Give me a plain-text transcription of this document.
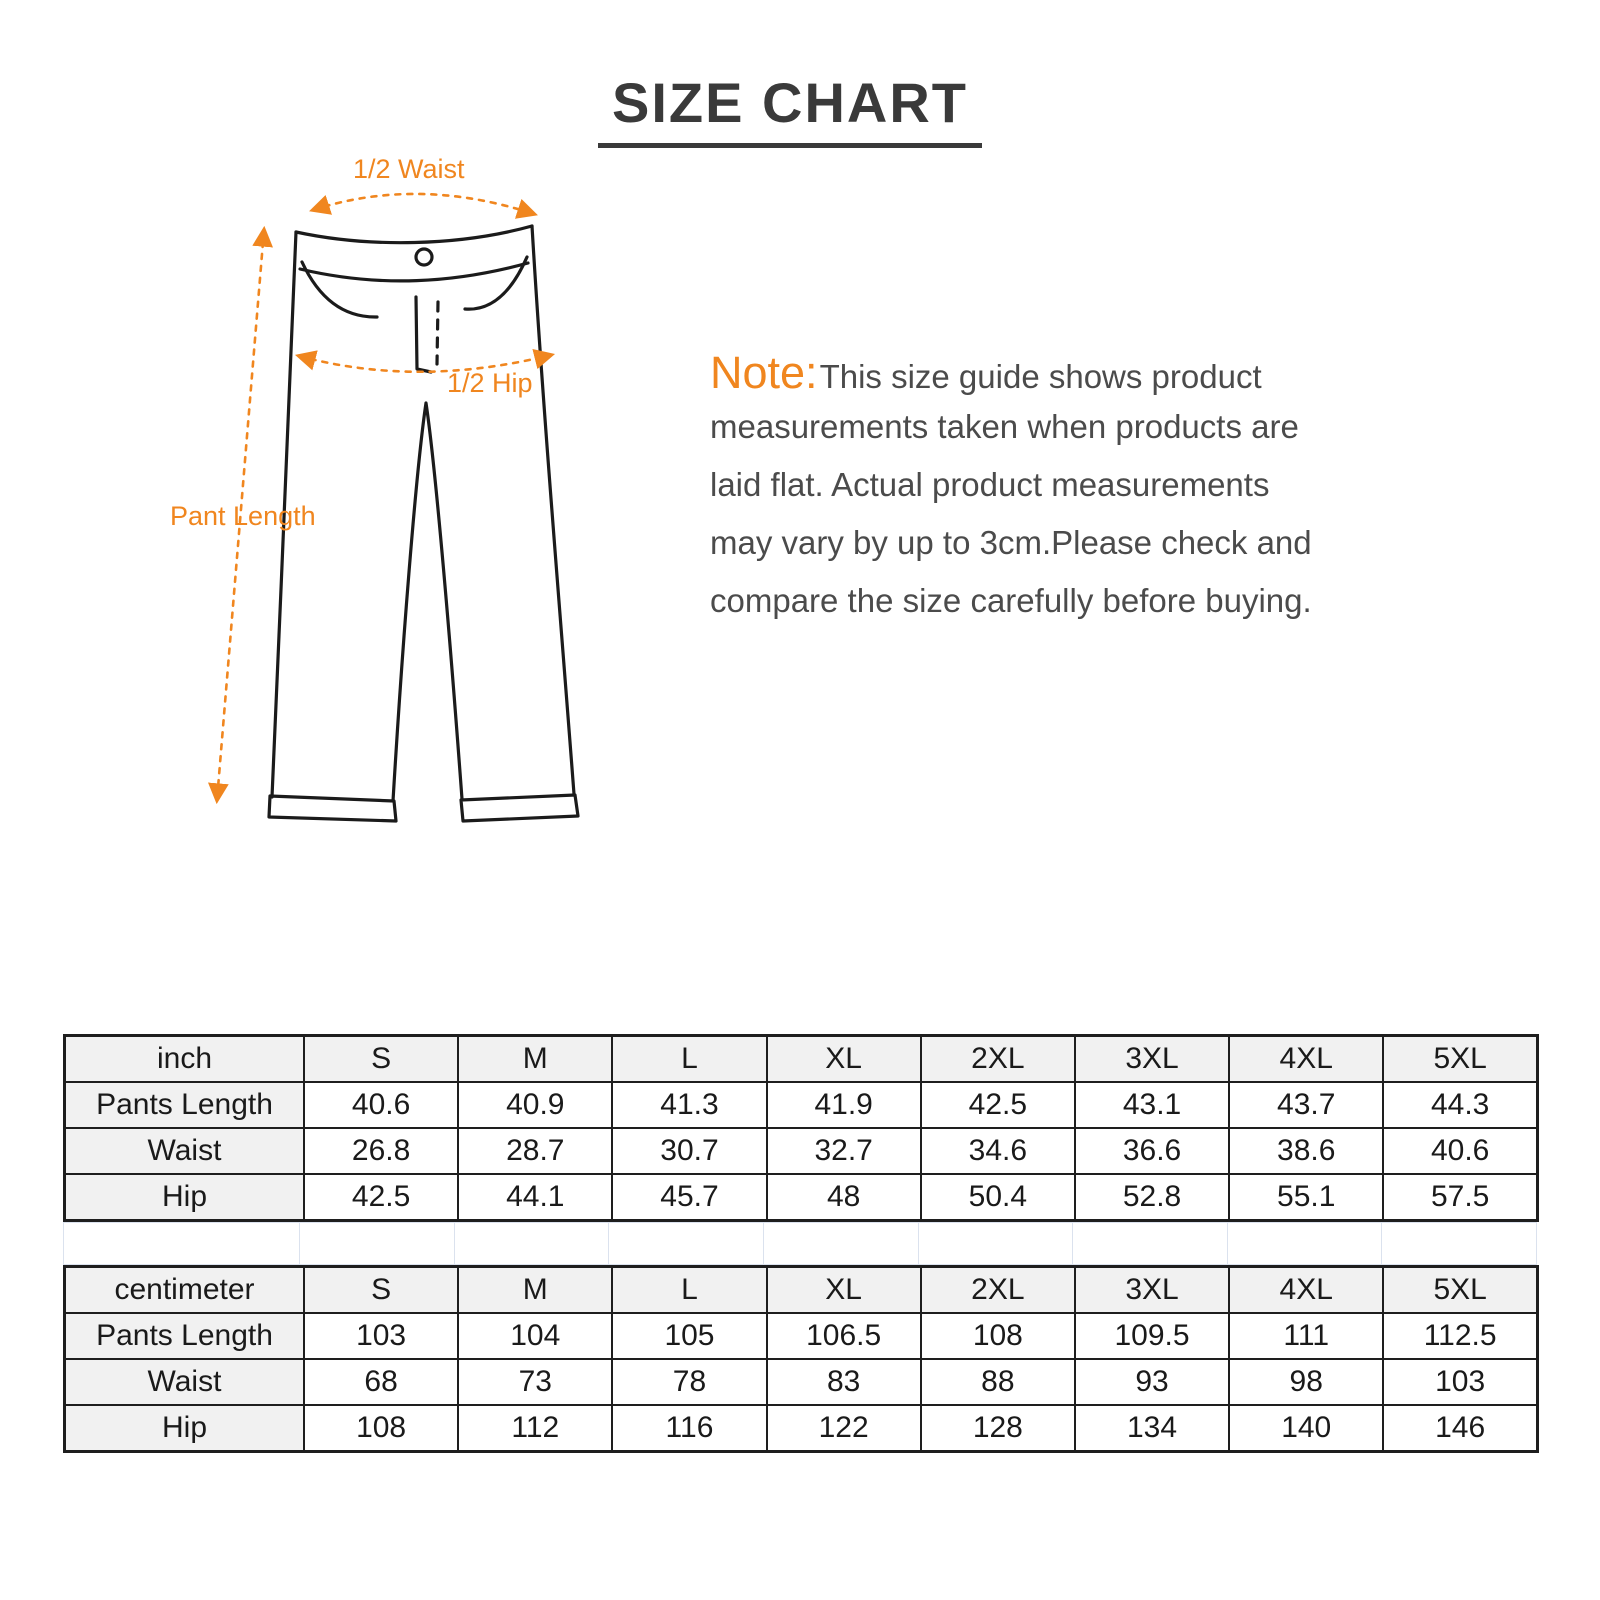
SIZE CHART
1/2 Waist
1/2 Hip
Pant Length
Note:This size guide shows product
measurements taken when products are
laid flat. Actual product measurements
may vary by up to 3cm.Please check and
compare the size carefully before buying.
inch	S	M	L	XL	2XL	3XL	4XL	5XL
Pants Length	40.6	40.9	41.3	41.9	42.5	43.1	43.7	44.3
Waist	26.8	28.7	30.7	32.7	34.6	36.6	38.6	40.6
Hip	42.5	44.1	45.7	48	50.4	52.8	55.1	57.5
centimeter	S	M	L	XL	2XL	3XL	4XL	5XL
Pants Length	103	104	105	106.5	108	109.5	111	112.5
Waist	68	73	78	83	88	93	98	103
Hip	108	112	116	122	128	134	140	146
